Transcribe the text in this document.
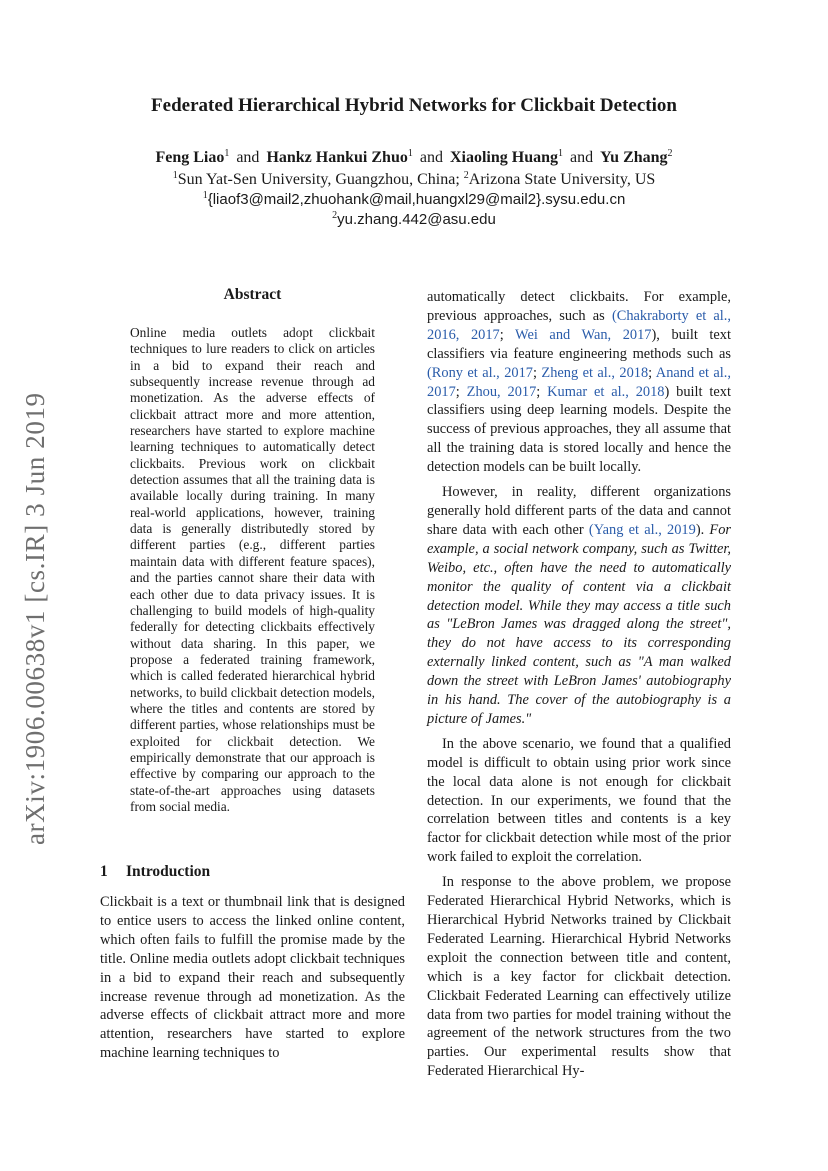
arXiv:1906.00638v1 [cs.IR] 3 Jun 2019
Federated Hierarchical Hybrid Networks for Clickbait Detection
Feng Liao$^1$ and Hankz Hankui Zhuo$^1$ and Xiaoling Huang$^1$ and Yu Zhang$^2$
$^1$Sun Yat-Sen University, Guangzhou, China; $^2$Arizona State University, US
$^1${liaof3@mail2,zhuohank@mail,huangxl29@mail2}.sysu.edu.cn
$^2$yu.zhang.442@asu.edu
Abstract
Online media outlets adopt clickbait techniques to lure readers to click on articles in a bid to expand their reach and subsequently increase revenue through ad monetization. As the adverse effects of clickbait attract more and more attention, researchers have started to explore machine learning techniques to automatically detect clickbaits. Previous work on clickbait detection assumes that all the training data is available locally during training. In many real-world applications, however, training data is generally distributedly stored by different parties (e.g., different parties maintain data with different feature spaces), and the parties cannot share their data with each other due to data privacy issues. It is challenging to build models of high-quality federally for detecting clickbaits effectively without data sharing. In this paper, we propose a federated training framework, which is called federated hierarchical hybrid networks, to build clickbait detection models, where the titles and contents are stored by different parties, whose relationships must be exploited for clickbait detection. We empirically demonstrate that our approach is effective by comparing our approach to the state-of-the-art approaches using datasets from social media.
1 Introduction
Clickbait is a text or thumbnail link that is designed to entice users to access the linked online content, which often fails to fulfill the promise made by the title. Online media outlets adopt clickbait techniques in a bid to expand their reach and subsequently increase revenue through ad monetization. As the adverse effects of clickbait attract more and more attention, researchers have started to explore machine learning techniques to

automatically detect clickbaits. For example, previous approaches, such as (Chakraborty et al., 2016, 2017; Wei and Wan, 2017), built text classifiers via feature engineering methods such as (Rony et al., 2017; Zheng et al., 2018; Anand et al., 2017; Zhou, 2017; Kumar et al., 2018) built text classifiers using deep learning models. Despite the success of previous approaches, they all assume that all the training data is stored locally and hence the detection models can be built locally.

However, in reality, different organizations generally hold different parts of the data and cannot share data with each other (Yang et al., 2019). For example, a social network company, such as Twitter, Weibo, etc., often have the need to automatically monitor the quality of content via a clickbait detection model. While they may access a title such as "LeBron James was dragged along the street", they do not have access to its corresponding externally linked content, such as "A man walked down the street with LeBron James' autobiography in his hand. The cover of the autobiography is a picture of James."

In the above scenario, we found that a qualified model is difficult to obtain using prior work since the local data alone is not enough for clickbait detection. In our experiments, we found that the correlation between titles and contents is a key factor for clickbait detection while most of the prior work failed to exploit the correlation.

In response to the above problem, we propose Federated Hierarchical Hybrid Networks, which is Hierarchical Hybrid Networks trained by Clickbait Federated Learning. Hierarchical Hybrid Networks exploit the connection between title and content, which is a key factor for clickbait detection. Clickbait Federated Learning can effectively utilize data from two parties for model training without the agreement of the network structures from the two parties. Our experimental results show that Federated Hierarchical Hy-
